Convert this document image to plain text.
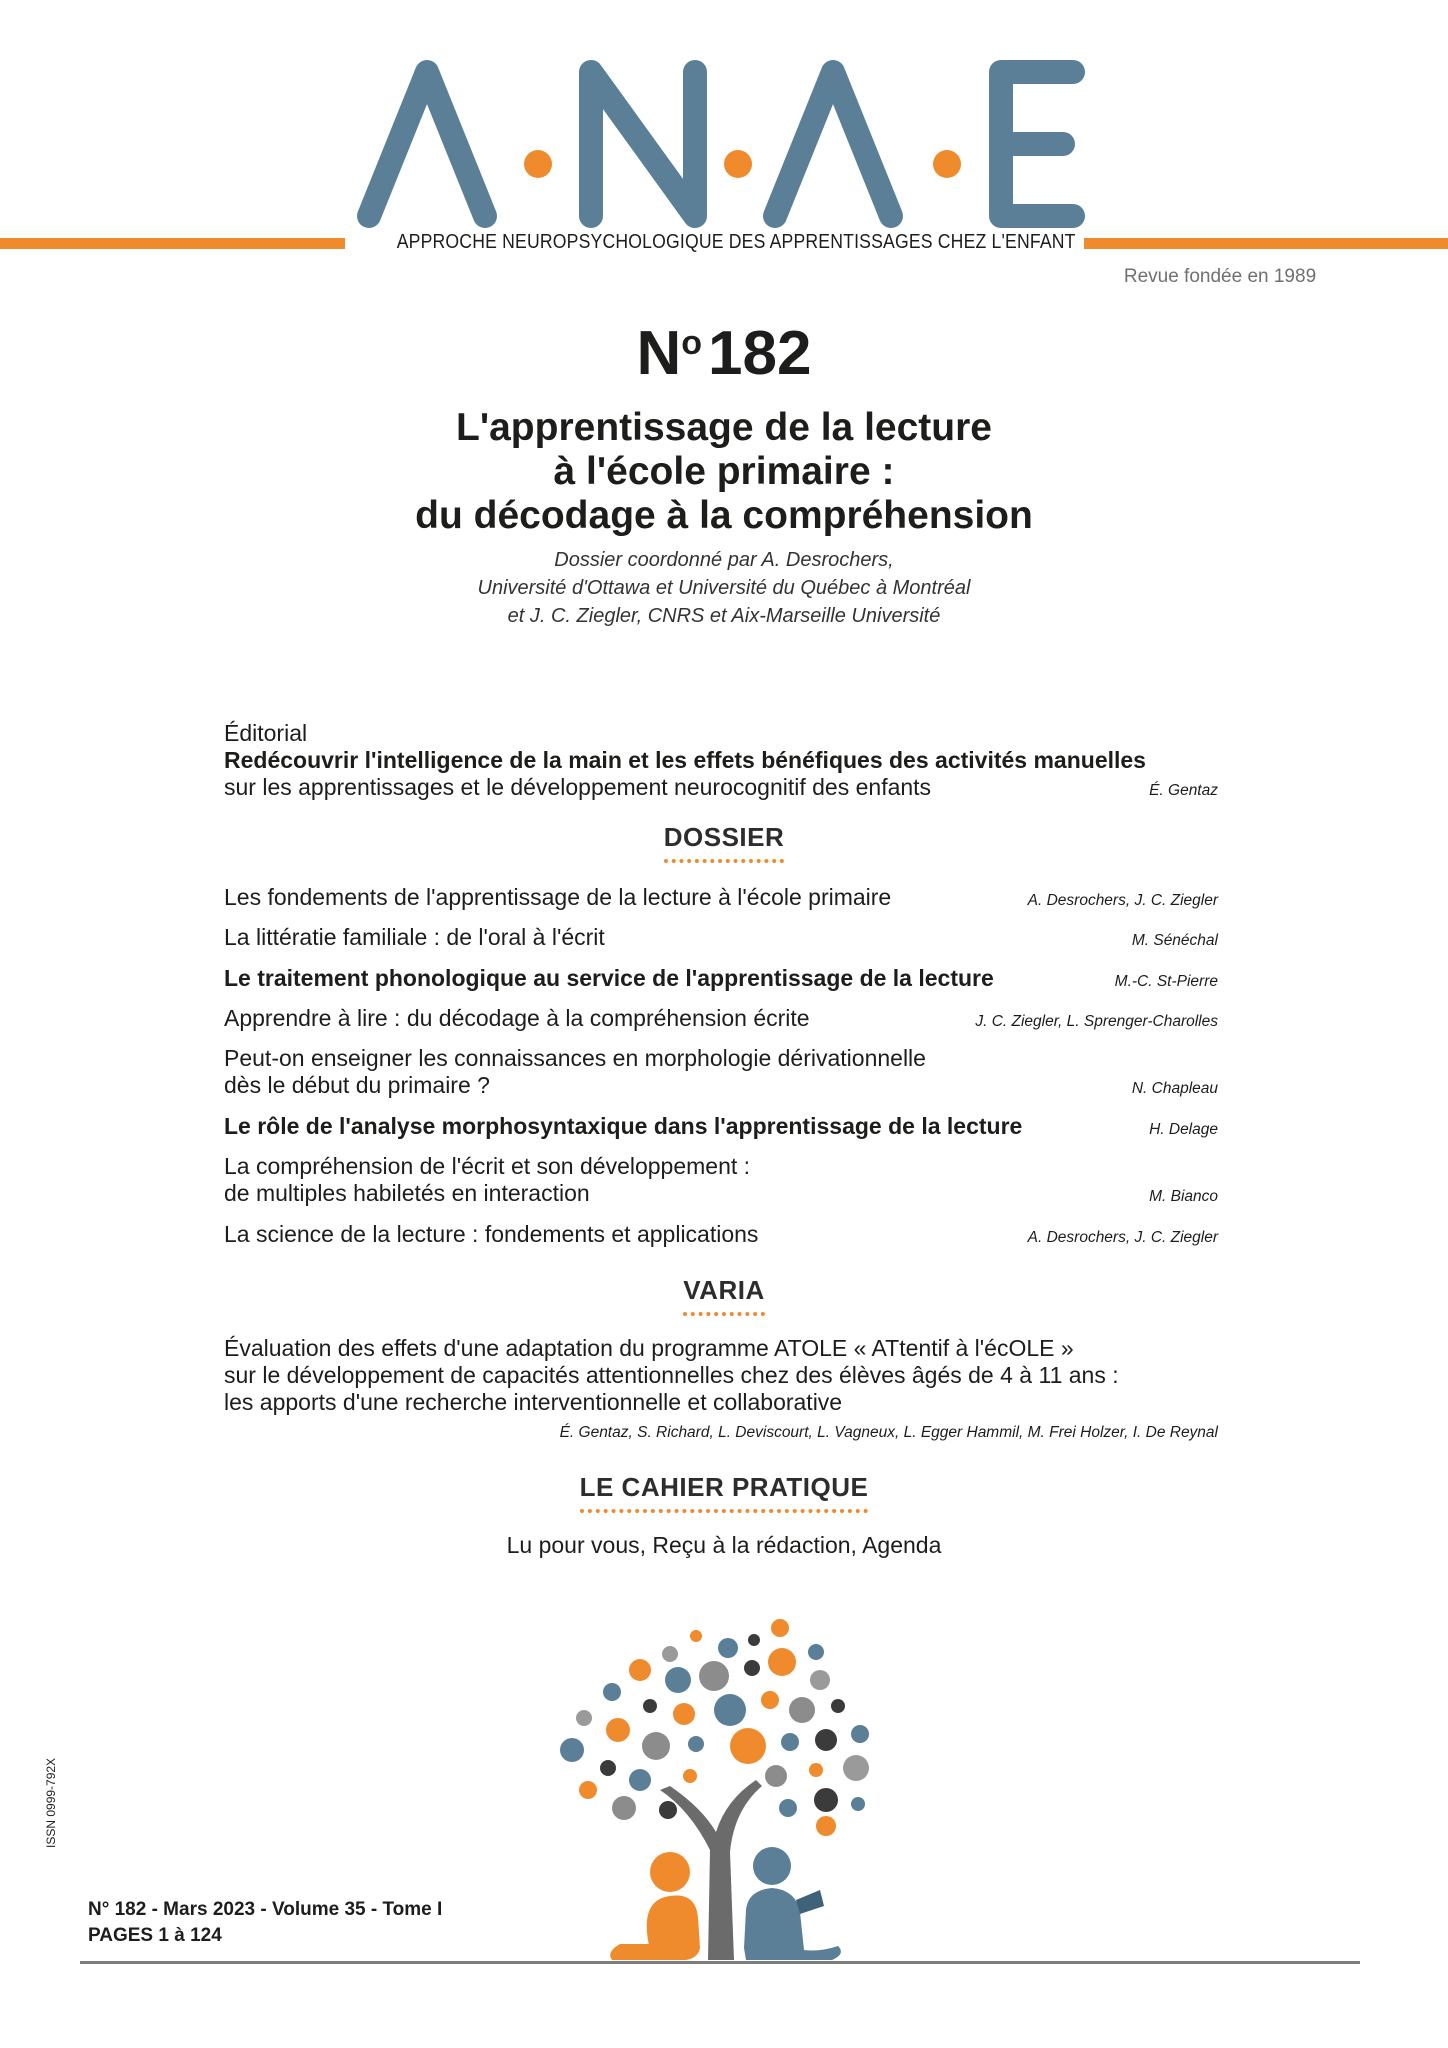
APPROCHE NEUROPSYCHOLOGIQUE DES APPRENTISSAGES CHEZ L'ENFANT
Revue fondée en 1989
$N^o182$
L'apprentissage de la lecture
à l'école primaire :
du décodage à la compréhension
Dossier coordonné par A. Desrochers,
Université d'Ottawa et Université du Québec à Montréal
et J. C. Ziegler, CNRS et Aix-Marseille Université
Éditorial
Redécouvrir l'intelligence de la main et les effets bénéfiques des activités manuelles
sur les apprentissages et le développement neurocognitif des enfants	É. Gentaz
DOSSIER
Les fondements de l'apprentissage de la lecture à l'école primaire	A. Desrochers, J. C. Ziegler
La littératie familiale : de l'oral à l'écrit	M. Sénéchal
Le traitement phonologique au service de l'apprentissage de la lecture	M.-C. St-Pierre
Apprendre à lire : du décodage à la compréhension écrite	J. C. Ziegler, L. Sprenger-Charolles
Peut-on enseigner les connaissances en morphologie dérivationnelle
dès le début du primaire ?	N. Chapleau
Le rôle de l'analyse morphosyntaxique dans l'apprentissage de la lecture	H. Delage
La compréhension de l'écrit et son développement :
de multiples habiletés en interaction	M. Bianco
La science de la lecture : fondements et applications	A. Desrochers, J. C. Ziegler
VARIA
Évaluation des effets d'une adaptation du programme ATOLE « ATtentif à l'écOLE »
sur le développement de capacités attentionnelles chez des élèves âgés de 4 à 11 ans :
les apports d'une recherche interventionnelle et collaborative
É. Gentaz, S. Richard, L. Deviscourt, L. Vagneux, L. Egger Hammil, M. Frei Holzer, I. De Reynal
LE CAHIER PRATIQUE
Lu pour vous, Reçu à la rédaction, Agenda
ISSN 0999-792X
N° 182 - Mars 2023 - Volume 35 - Tome I
PAGES 1 à 124
